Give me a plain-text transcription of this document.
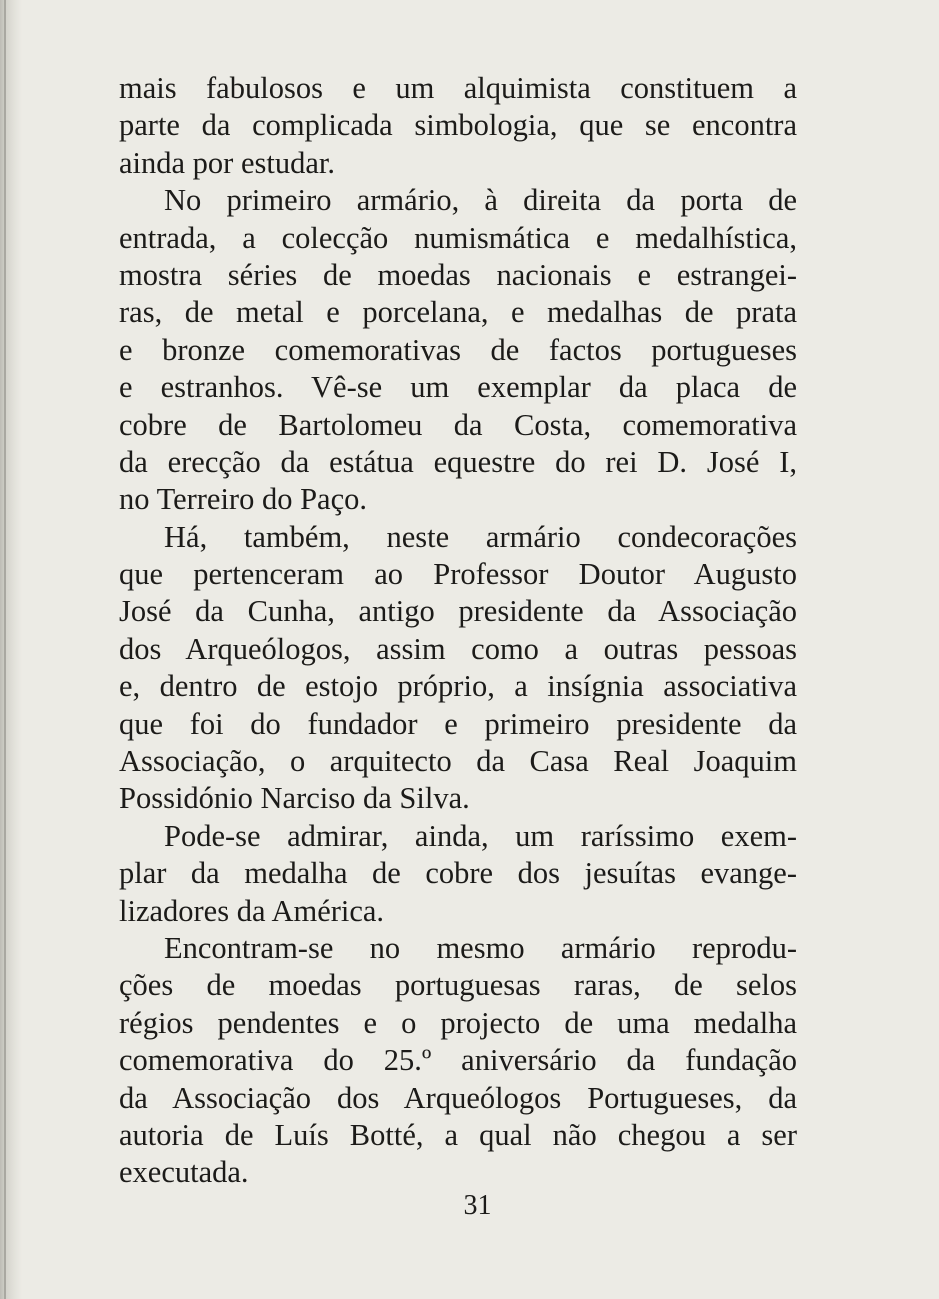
mais fabulosos e um alquimista constituem a
parte da complicada simbologia, que se encontra
ainda por estudar.
No primeiro armário, à direita da porta de
entrada, a colecção numismática e medalhística,
mostra séries de moedas nacionais e estrangei-
ras, de metal e porcelana, e medalhas de prata
e bronze comemorativas de factos portugueses
e estranhos. Vê-se um exemplar da placa de
cobre de Bartolomeu da Costa, comemorativa
da erecção da estátua equestre do rei D. José I,
no Terreiro do Paço.
Há, também, neste armário condecorações
que pertenceram ao Professor Doutor Augusto
José da Cunha, antigo presidente da Associação
dos Arqueólogos, assim como a outras pessoas
e, dentro de estojo próprio, a insígnia associativa
que foi do fundador e primeiro presidente da
Associação, o arquitecto da Casa Real Joaquim
Possidónio Narciso da Silva.
Pode-se admirar, ainda, um raríssimo exem-
plar da medalha de cobre dos jesuítas evange-
lizadores da América.
Encontram-se no mesmo armário reprodu-
ções de moedas portuguesas raras, de selos
régios pendentes e o projecto de uma medalha
comemorativa do 25.º aniversário da fundação
da Associação dos Arqueólogos Portugueses, da
autoria de Luís Botté, a qual não chegou a ser
executada.
31
